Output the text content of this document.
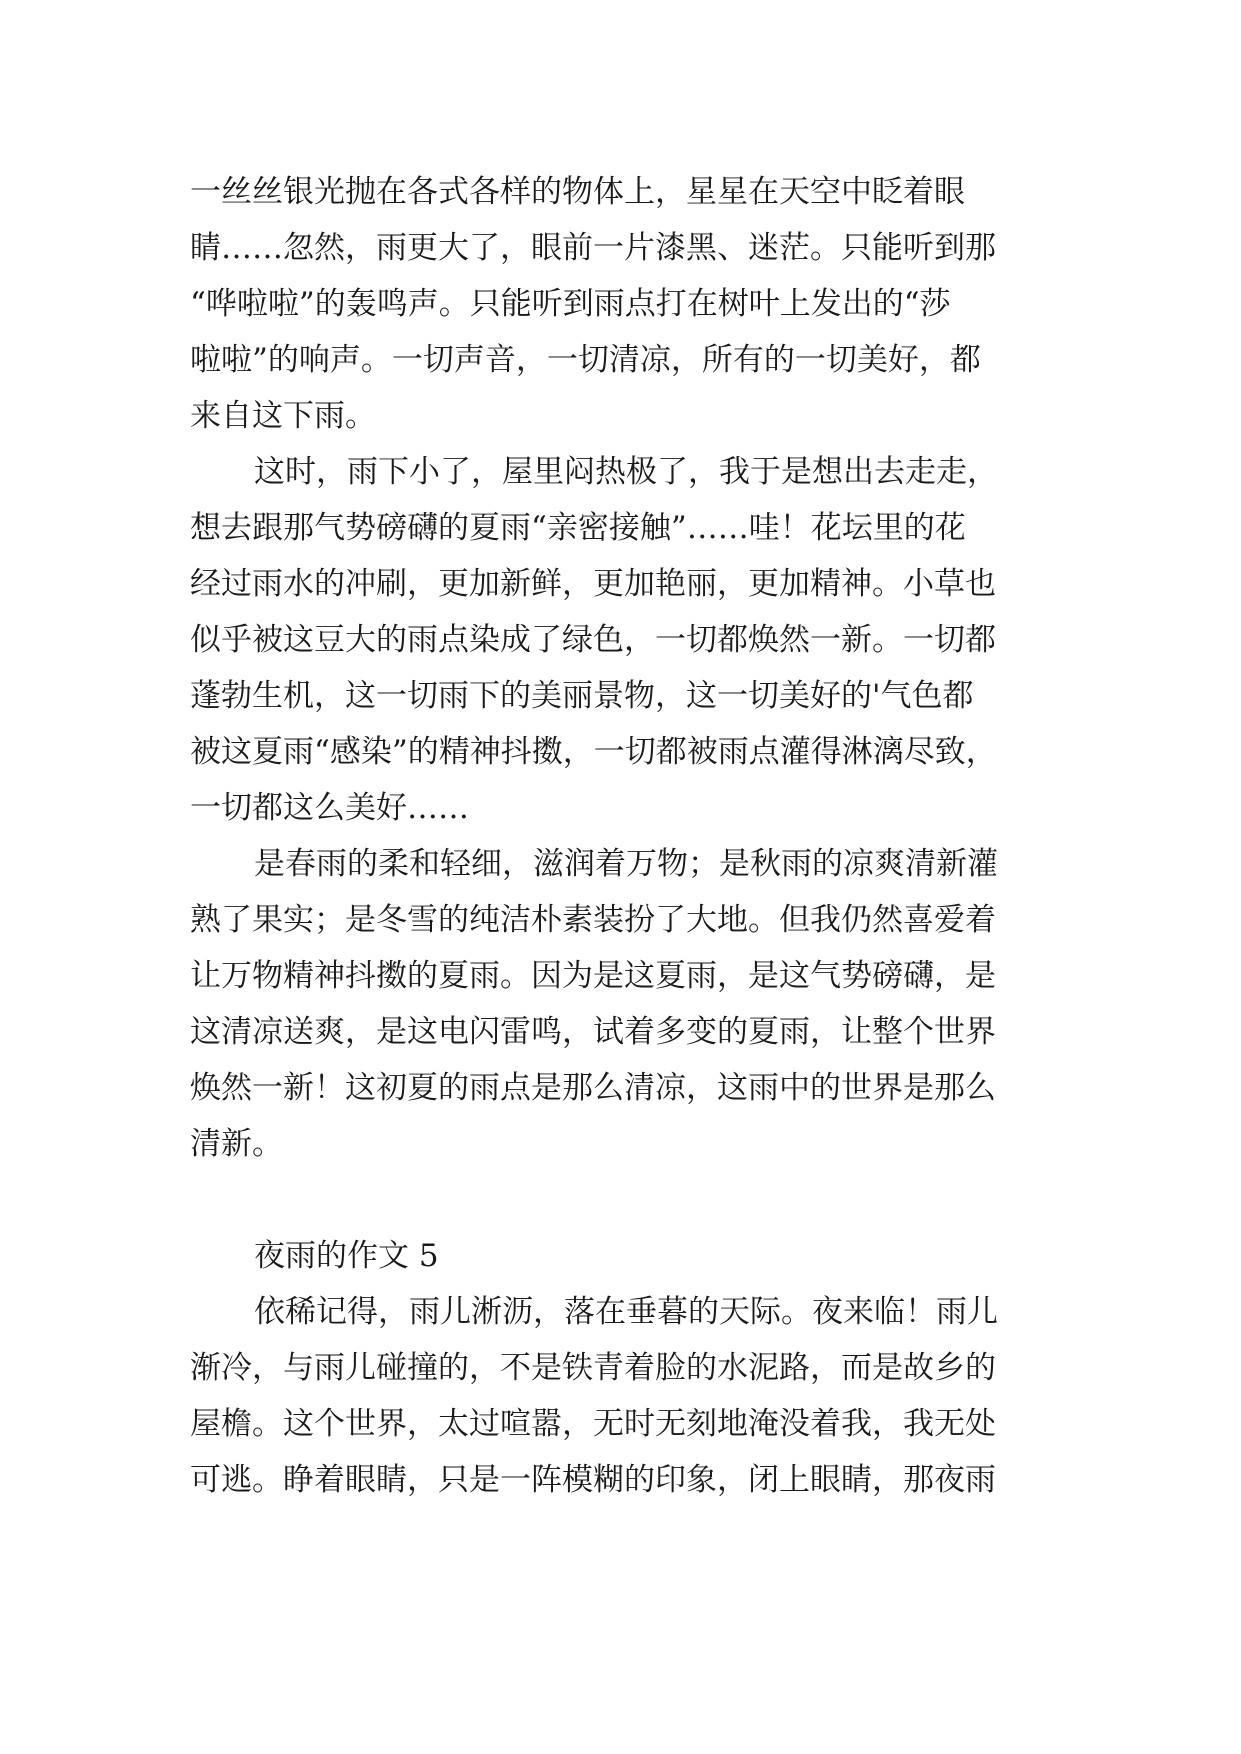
一丝丝银光抛在各式各样的物体上，星星在天空中眨着眼
睛……忽然，雨更大了，眼前一片漆黑、迷茫。只能听到那
“哗啦啦”的轰鸣声。只能听到雨点打在树叶上发出的“莎
啦啦”的响声。一切声音，一切清凉，所有的一切美好，都
来自这下雨。

这时，雨下小了，屋里闷热极了，我于是想出去走走，
想去跟那气势磅礴的夏雨“亲密接触”……哇！花坛里的花
经过雨水的冲刷，更加新鲜，更加艳丽，更加精神。小草也
似乎被这豆大的雨点染成了绿色，一切都焕然一新。一切都
蓬勃生机，这一切雨下的美丽景物，这一切美好的'气色都
被这夏雨“感染”的精神抖擞，一切都被雨点灌得淋漓尽致，
一切都这么美好……

是春雨的柔和轻细，滋润着万物；是秋雨的凉爽清新灌
熟了果实；是冬雪的纯洁朴素装扮了大地。但我仍然喜爱着
让万物精神抖擞的夏雨。因为是这夏雨，是这气势磅礴，是
这清凉送爽，是这电闪雷鸣，试着多变的夏雨，让整个世界
焕然一新！这初夏的雨点是那么清凉，这雨中的世界是那么
清新。

夜雨的作文 5

依稀记得，雨儿淅沥，落在垂暮的天际。夜来临！雨儿
渐冷，与雨儿碰撞的，不是铁青着脸的水泥路，而是故乡的
屋檐。这个世界，太过喧嚣，无时无刻地淹没着我，我无处
可逃。睁着眼睛，只是一阵模糊的印象，闭上眼睛，那夜雨
